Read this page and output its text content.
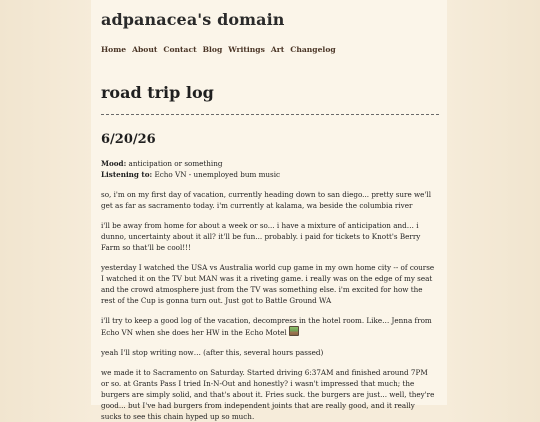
adpanacea's domain
Home About Contact Blog Writings Art Changelog
road trip log
6/20/26
Mood: anticipation or something
Listening to: Echo VN - unemployed bum music

so, i'm on my first day of vacation, currently heading down to san diego... pretty sure we'll get as far as sacramento today. i'm currently at kalama, wa beside the columbia river

i'll be away from home for about a week or so... i have a mixture of anticipation and… i dunno, uncertainty about it all? it'll be fun... probably. i paid for tickets to Knott's Berry Farm so that'll be cool!!!

yesterday I watched the USA vs Australia world cup game in my own home city -- of course I watched it on the TV but MAN was it a riveting game. i really was on the edge of my seat and the crowd atmosphere just from the TV was something else. i'm excited for how the rest of the Cup is gonna turn out. Just got to Battle Ground WA

i'll try to keep a good log of the vacation, decompress in the hotel room. Like… Jenna from Echo VN when she does her HW in the Echo Motel

yeah I'll stop writing now… (after this, several hours passed)

we made it to Sacramento on Saturday. Started driving 6:37AM and finished around 7PM or so. at Grants Pass I tried In-N-Out and honestly? i wasn't impressed that much; the burgers are simply solid, and that's about it. Fries suck. the burgers are just... well, they're good... but I've had burgers from independent joints that are really good, and it really sucks to see this chain hyped up so much.
